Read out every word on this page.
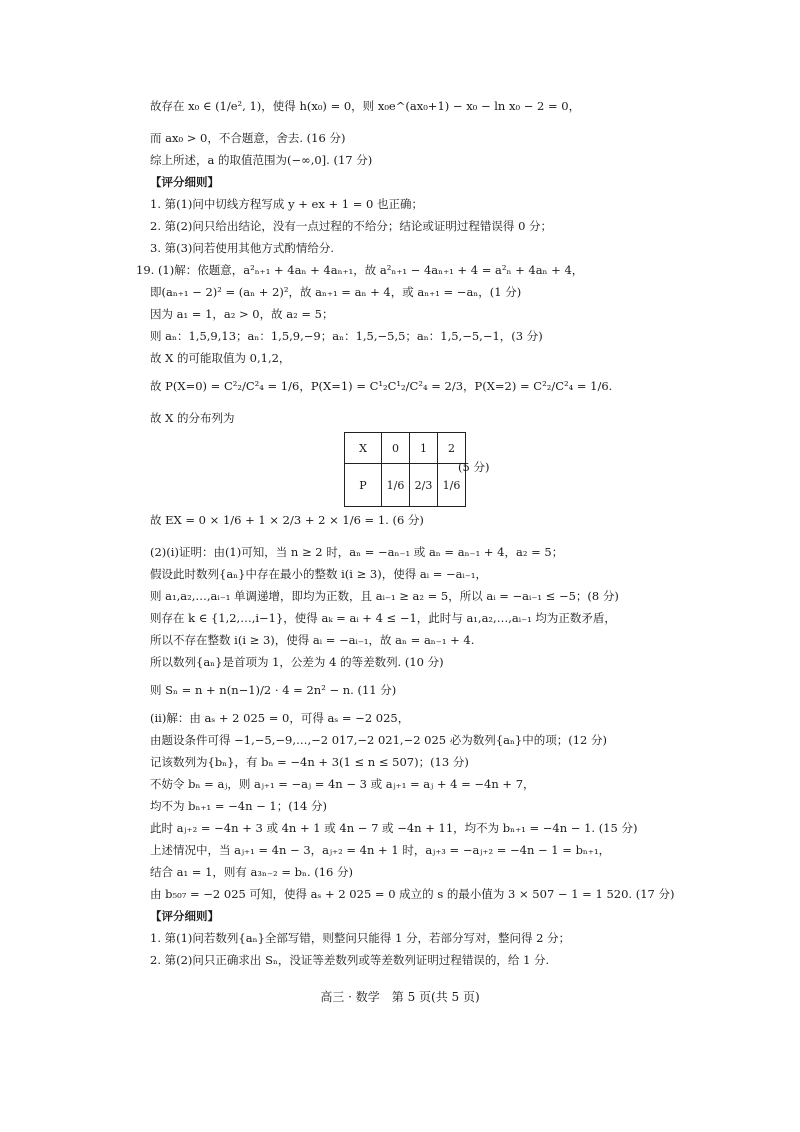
故存在 x₀ ∈ (1/e², 1)，使得 h(x₀) = 0，则 x₀e^(ax₀+1) − x₀ − ln x₀ − 2 = 0，
而 ax₀ > 0，不合题意，舍去. (16 分)
综上所述，a 的取值范围为(−∞,0]. (17 分)
【评分细则】
1. 第(1)问中切线方程写成 y + ex + 1 = 0 也正确；
2. 第(2)问只给出结论，没有一点过程的不给分；结论或证明过程错误得 0 分；
3. 第(3)问若使用其他方式酌情给分.
19. (1)解：依题意，a²ₙ₊₁ + 4aₙ + 4aₙ₊₁，故 a²ₙ₊₁ − 4aₙ₊₁ + 4 = a²ₙ + 4aₙ + 4，
即(aₙ₊₁ − 2)² = (aₙ + 2)²，故 aₙ₊₁ = aₙ + 4，或 aₙ₊₁ = −aₙ，(1 分)
因为 a₁ = 1，a₂ > 0，故 a₂ = 5；
则 aₙ：1,5,9,13；aₙ：1,5,9,−9；aₙ：1,5,−5,5；aₙ：1,5,−5,−1，(3 分)
故 X 的可能取值为 0,1,2，
故 P(X=0) = C²₂/C²₄ = 1/6，P(X=1) = C¹₂C¹₂/C²₄ = 2/3，P(X=2) = C²₂/C²₄ = 1/6.
故 X 的分布列为
故 EX = 0 × 1/6 + 1 × 2/3 + 2 × 1/6 = 1. (6 分)
(2)(i)证明：由(1)可知，当 n ≥ 2 时，aₙ = −aₙ₋₁ 或 aₙ = aₙ₋₁ + 4，a₂ = 5；
假设此时数列{aₙ}中存在最小的整数 i(i ≥ 3)，使得 aᵢ = −aᵢ₋₁，
则 a₁,a₂,…,aᵢ₋₁ 单调递增，即均为正数，且 aᵢ₋₁ ≥ a₂ = 5，所以 aᵢ = −aᵢ₋₁ ≤ −5；(8 分)
则存在 k ∈ {1,2,…,i−1}，使得 aₖ = aᵢ + 4 ≤ −1，此时与 a₁,a₂,…,aᵢ₋₁ 均为正数矛盾，
所以不存在整数 i(i ≥ 3)，使得 aᵢ = −aᵢ₋₁，故 aₙ = aₙ₋₁ + 4.
所以数列{aₙ}是首项为 1，公差为 4 的等差数列. (10 分)
则 Sₙ = n + n(n−1)/2 · 4 = 2n² − n. (11 分)
(ii)解：由 aₛ + 2 025 = 0，可得 aₛ = −2 025，
由题设条件可得 −1,−5,−9,…,−2 017,−2 021,−2 025 必为数列{aₙ}中的项；(12 分)
记该数列为{bₙ}，有 bₙ = −4n + 3(1 ≤ n ≤ 507)；(13 分)
不妨令 bₙ = aⱼ，则 aⱼ₊₁ = −aⱼ = 4n − 3 或 aⱼ₊₁ = aⱼ + 4 = −4n + 7，
均不为 bₙ₊₁ = −4n − 1；(14 分)
此时 aⱼ₊₂ = −4n + 3 或 4n + 1 或 4n − 7 或 −4n + 11，均不为 bₙ₊₁ = −4n − 1. (15 分)
上述情况中，当 aⱼ₊₁ = 4n − 3，aⱼ₊₂ = 4n + 1 时，aⱼ₊₃ = −aⱼ₊₂ = −4n − 1 = bₙ₊₁，
结合 a₁ = 1，则有 a₃ₙ₋₂ = bₙ. (16 分)
由 b₅₀₇ = −2 025 可知，使得 aₛ + 2 025 = 0 成立的 s 的最小值为 3 × 507 − 1 = 1 520. (17 分)
【评分细则】
1. 第(1)问若数列{aₙ}全部写错，则整问只能得 1 分，若部分写对，整问得 2 分；
2. 第(2)问只正确求出 Sₙ，没证等差数列或等差数列证明过程错误的，给 1 分.
X	0	1	2
P	1/6	2/3	1/6
(5 分)
高三 · 数学　第 5 页(共 5 页)
